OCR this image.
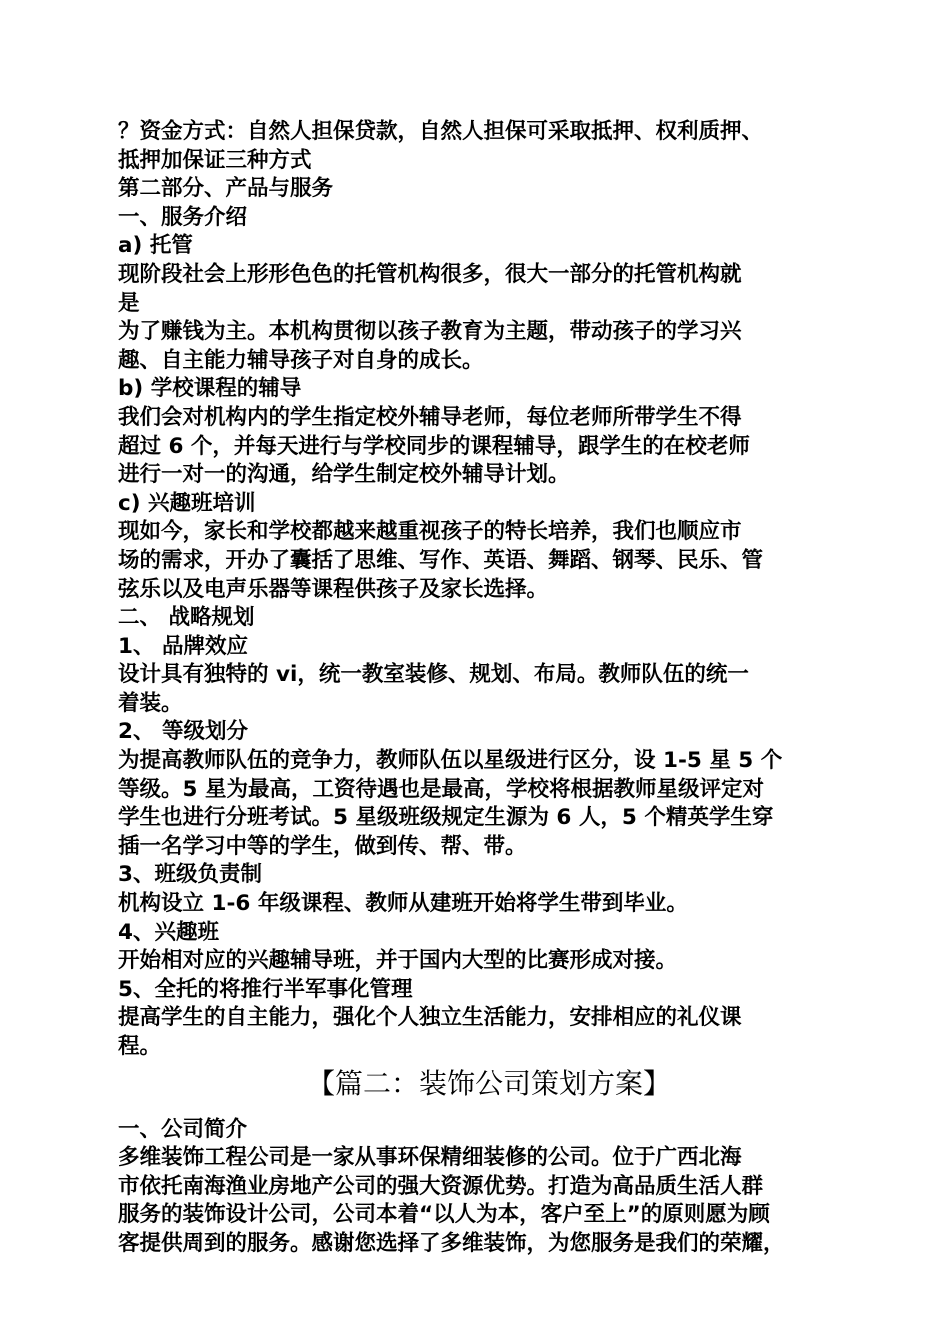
？资金方式：自然人担保贷款，自然人担保可采取抵押、权利质押、
抵押加保证三种方式
第二部分、产品与服务
一、服务介绍
a) 托管
现阶段社会上形形色色的托管机构很多，很大一部分的托管机构就
是
为了赚钱为主。本机构贯彻以孩子教育为主题，带动孩子的学习兴
趣、自主能力辅导孩子对自身的成长。
b) 学校课程的辅导
我们会对机构内的学生指定校外辅导老师，每位老师所带学生不得
超过 6 个，并每天进行与学校同步的课程辅导，跟学生的在校老师
进行一对一的沟通，给学生制定校外辅导计划。
c) 兴趣班培训
现如今，家长和学校都越来越重视孩子的特长培养，我们也顺应市
场的需求，开办了囊括了思维、写作、英语、舞蹈、钢琴、民乐、管
弦乐以及电声乐器等课程供孩子及家长选择。
二、 战略规划
1、 品牌效应
设计具有独特的 vi，统一教室装修、规划、布局。教师队伍的统一
着装。
2、 等级划分
为提高教师队伍的竞争力，教师队伍以星级进行区分，设 1-5 星 5 个
等级。5 星为最高，工资待遇也是最高，学校将根据教师星级评定对
学生也进行分班考试。5 星级班级规定生源为 6 人，5 个精英学生穿
插一名学习中等的学生，做到传、帮、带。
3、班级负责制
机构设立 1-6 年级课程、教师从建班开始将学生带到毕业。
4、兴趣班
开始相对应的兴趣辅导班，并于国内大型的比赛形成对接。
5、全托的将推行半军事化管理
提高学生的自主能力，强化个人独立生活能力，安排相应的礼仪课
程。
【篇二：装饰公司策划方案】
一、公司简介
多维装饰工程公司是一家从事环保精细装修的公司。位于广西北海
市依托南海渔业房地产公司的强大资源优势。打造为高品质生活人群
服务的装饰设计公司，公司本着“以人为本，客户至上”的原则愿为顾
客提供周到的服务。感谢您选择了多维装饰，为您服务是我们的荣耀，
